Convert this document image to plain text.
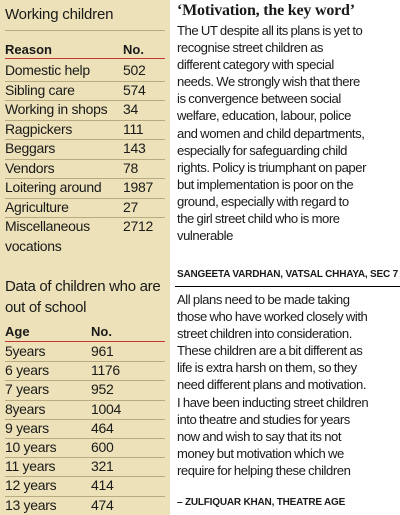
Working children
Reason	No.
Domestic help 502
Sibling care	574
Working in shops 34
Ragpickers	111
Beggars	143
Vendors	78
Loitering around 1987
Agriculture	27
Miscellaneous 2712
vocations
Data of children who are
out of school
Age	No.
5years	961
6 years	1176
7 years	952
8years	1004
9 years	464
10 years 600
11 years	321
12 years 414
13 years 474
‘Motivation, the key word’
The UT despite all its plans is yet to
recognise street children as
different category with special
needs. We strongly wish that there
is convergence between social
welfare, education, labour, police
and women and child departments,
especially for safeguarding child
rights. Policy is triumphant on paper
but implementation is poor on the
ground, especially with regard to
the girl street child who is more
vulnerable
SANGEETA VARDHAN, VATSAL CHHAYA, SEC 7
All plans need to be made taking
those who have worked closely with
street children into consideration.
These children are a bit different as
life is extra harsh on them, so they
need different plans and motivation.
I have been inducting street children
into theatre and studies for years
now and wish to say that its not
money but motivation which we
require for helping these children
– ZULFIQUAR KHAN, THEATRE AGE
